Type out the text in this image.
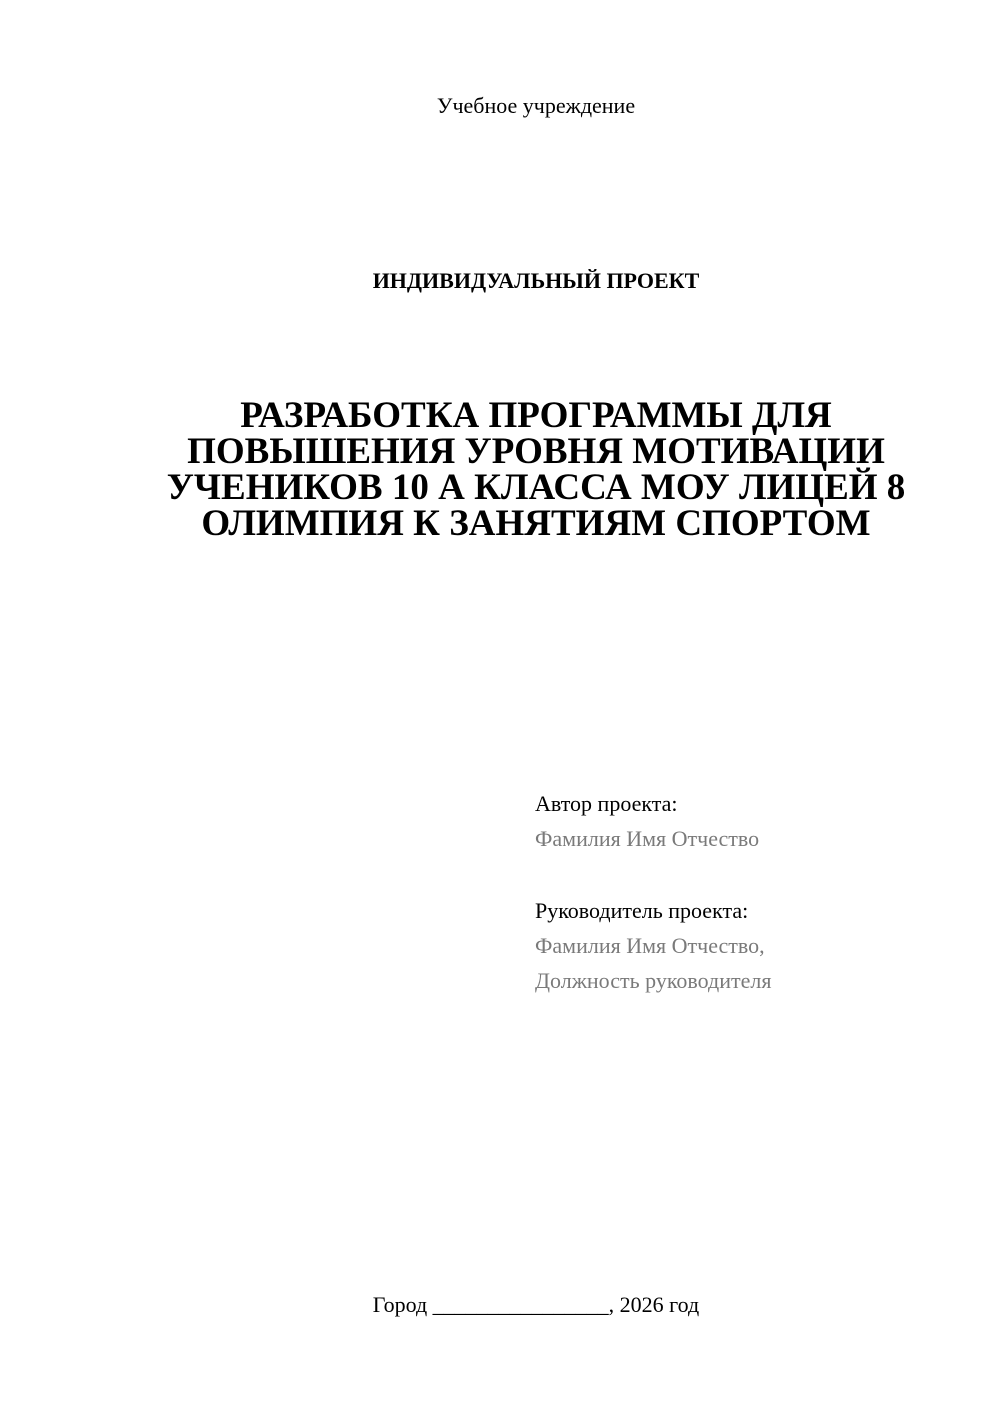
Учебное учреждение
ИНДИВИДУАЛЬНЫЙ ПРОЕКТ
РАЗРАБОТКА ПРОГРАММЫ ДЛЯ
ПОВЫШЕНИЯ УРОВНЯ МОТИВАЦИИ
УЧЕНИКОВ 10 А КЛАССА МОУ ЛИЦЕЙ 8
ОЛИМПИЯ К ЗАНЯТИЯМ СПОРТОМ
Автор проекта:
Фамилия Имя Отчество
Руководитель проекта:
Фамилия Имя Отчество,
Должность руководителя
Город ________________, 2026 год
